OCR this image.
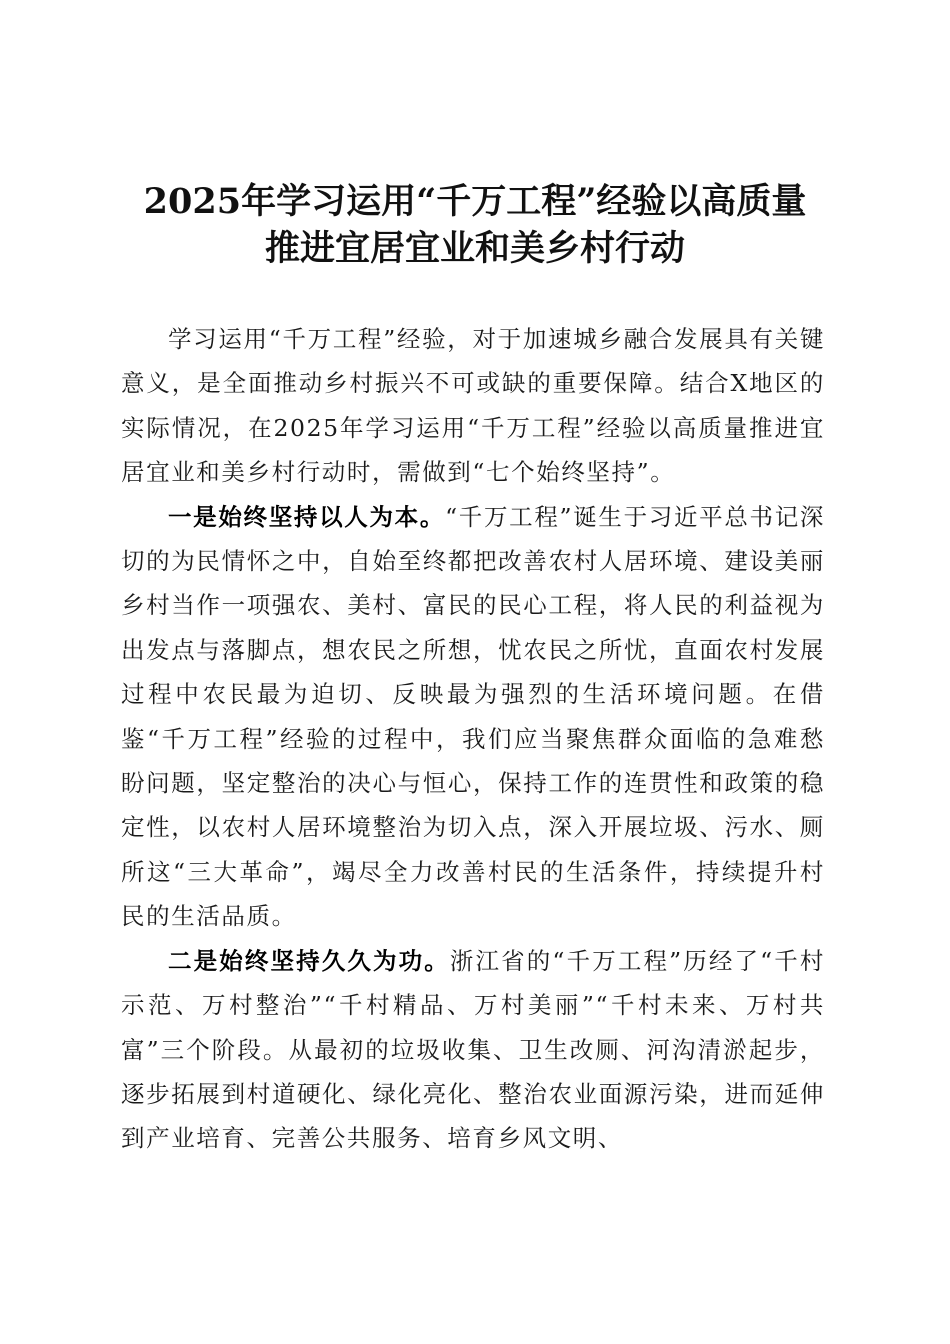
2025年学习运用“千万工程”经验以高质量
推进宜居宜业和美乡村行动

学习运用“千万工程”经验，对于加速城乡融合发展具有关键意义，是全面推动乡村振兴不可或缺的重要保障。结合X地区的实际情况，在2025年学习运用“千万工程”经验以高质量推进宜居宜业和美乡村行动时，需做到“七个始终坚持”。

一是始终坚持以人为本。“千万工程”诞生于习近平总书记深切的为民情怀之中，自始至终都把改善农村人居环境、建设美丽乡村当作一项强农、美村、富民的民心工程，将人民的利益视为出发点与落脚点，想农民之所想，忧农民之所忧，直面农村发展过程中农民最为迫切、反映最为强烈的生活环境问题。在借鉴“千万工程”经验的过程中，我们应当聚焦群众面临的急难愁盼问题，坚定整治的决心与恒心，保持工作的连贯性和政策的稳定性，以农村人居环境整治为切入点，深入开展垃圾、污水、厕所这“三大革命”，竭尽全力改善村民的生活条件，持续提升村民的生活品质。

二是始终坚持久久为功。浙江省的“千万工程”历经了“千村示范、万村整治”“千村精品、万村美丽”“千村未来、万村共富”三个阶段。从最初的垃圾收集、卫生改厕、河沟清淤起步，逐步拓展到村道硬化、绿化亮化、整治农业面源污染，进而延伸到产业培育、完善公共服务、培育乡风文明、
